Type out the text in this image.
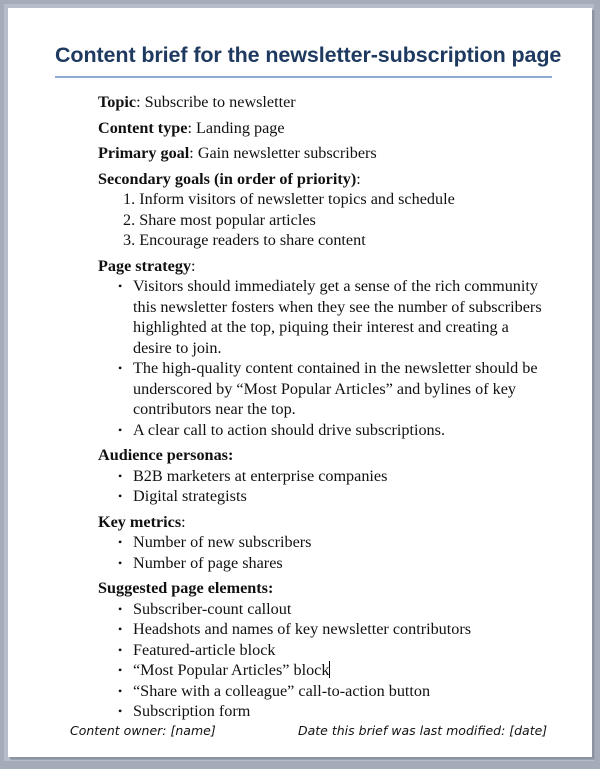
Content brief for the newsletter-subscription page

Topic: Subscribe to newsletter

Content type: Landing page

Primary goal: Gain newsletter subscribers

Secondary goals (in order of priority):

1. Inform visitors of newsletter topics and schedule
2. Share most popular articles
3. Encourage readers to share content

Page strategy:

• Visitors should immediately get a sense of the rich community this newsletter fosters when they see the number of subscribers highlighted at the top, piquing their interest and creating a desire to join.
• The high-quality content contained in the newsletter should be underscored by “Most Popular Articles” and bylines of key contributors near the top.
• A clear call to action should drive subscriptions.

Audience personas:

• B2B marketers at enterprise companies
• Digital strategists

Key metrics:

• Number of new subscribers
• Number of page shares

Suggested page elements:

• Subscriber-count callout
• Headshots and names of key newsletter contributors
• Featured-article block
• “Most Popular Articles” block
• “Share with a colleague” call-to-action button
• Subscription form
Content owner: [name]	Date this brief was last modified: [date]
